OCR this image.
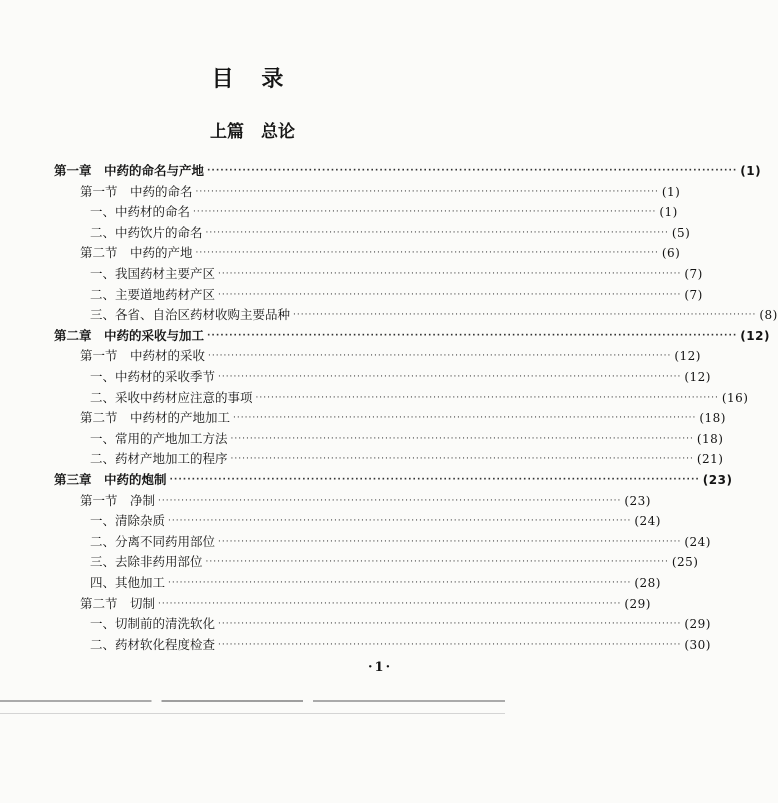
目 录
上篇　总论
第一章　中药的命名与产地 ························································································································ (1)
第一节　中药的命名 ························································································································ (1)
一、中药材的命名 ························································································································ (1)
二、中药饮片的命名 ························································································································ (5)
第二节　中药的产地 ························································································································ (6)
一、我国药材主要产区 ························································································································ (7)
二、主要道地药材产区 ························································································································ (7)
三、各省、自治区药材收购主要品种 ························································································································ (8)
第二章　中药的采收与加工 ························································································································ (12)
第一节　中药材的采收 ························································································································ (12)
一、中药材的采收季节 ························································································································ (12)
二、采收中药材应注意的事项 ························································································································ (16)
第二节　中药材的产地加工 ························································································································ (18)
一、常用的产地加工方法 ························································································································ (18)
二、药材产地加工的程序 ························································································································ (21)
第三章　中药的炮制 ························································································································ (23)
第一节　净制 ························································································································ (23)
一、清除杂质 ························································································································ (24)
二、分离不同药用部位 ························································································································ (24)
三、去除非药用部位 ························································································································ (25)
四、其他加工 ························································································································ (28)
第二节　切制 ························································································································ (29)
一、切制前的清洗软化 ························································································································ (29)
二、药材软化程度检查 ························································································································ (30)
·1·
